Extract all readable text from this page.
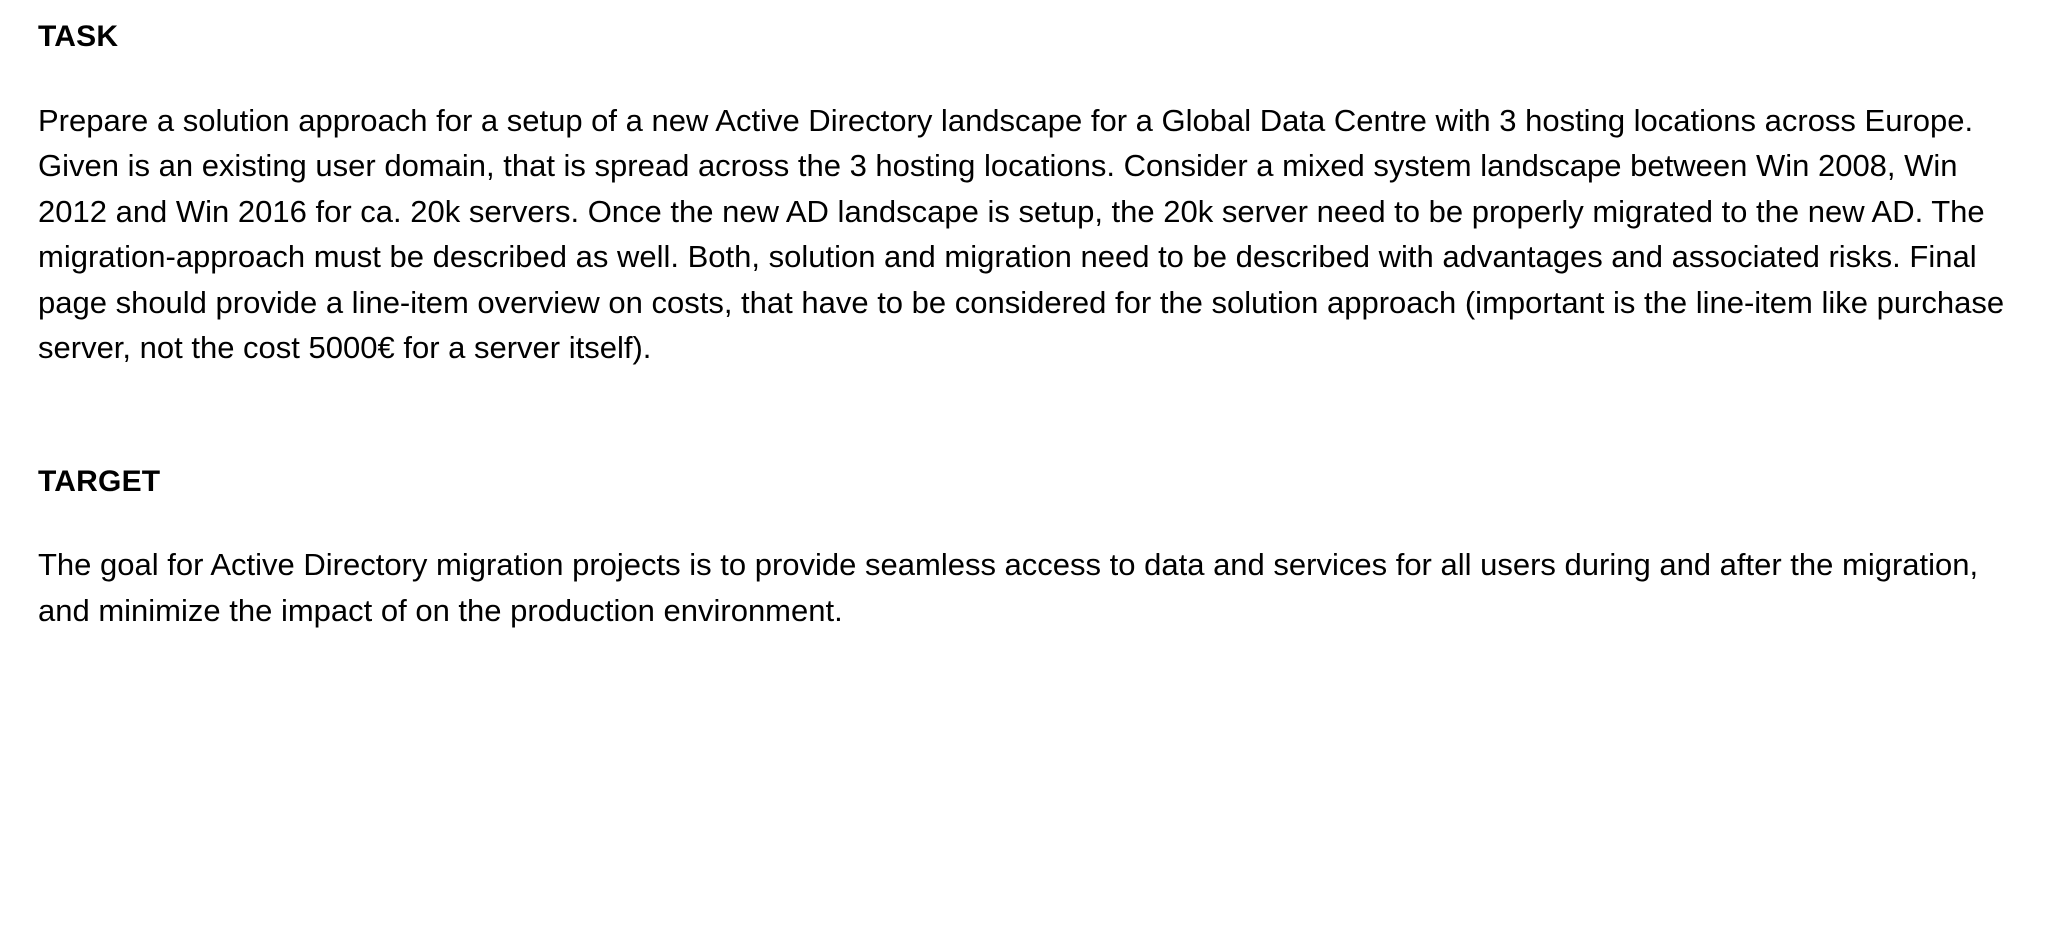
TASK

Prepare a solution approach for a setup of a new Active Directory landscape for a Global Data Centre with 3 hosting locations across Europe. Given is an existing user domain, that is spread across the 3 hosting locations. Consider a mixed system landscape between Win 2008, Win 2012 and Win 2016 for ca. 20k servers. Once the new AD landscape is setup, the 20k server need to be properly migrated to the new AD. The migration-approach must be described as well. Both, solution and migration need to be described with advantages and associated risks. Final page should provide a line-item overview on costs, that have to be considered for the solution approach (important is the line-item like purchase server, not the cost 5000€ for a server itself).

TARGET

The goal for Active Directory migration projects is to provide seamless access to data and services for all users during and after the migration, and minimize the impact of on the production environment.
